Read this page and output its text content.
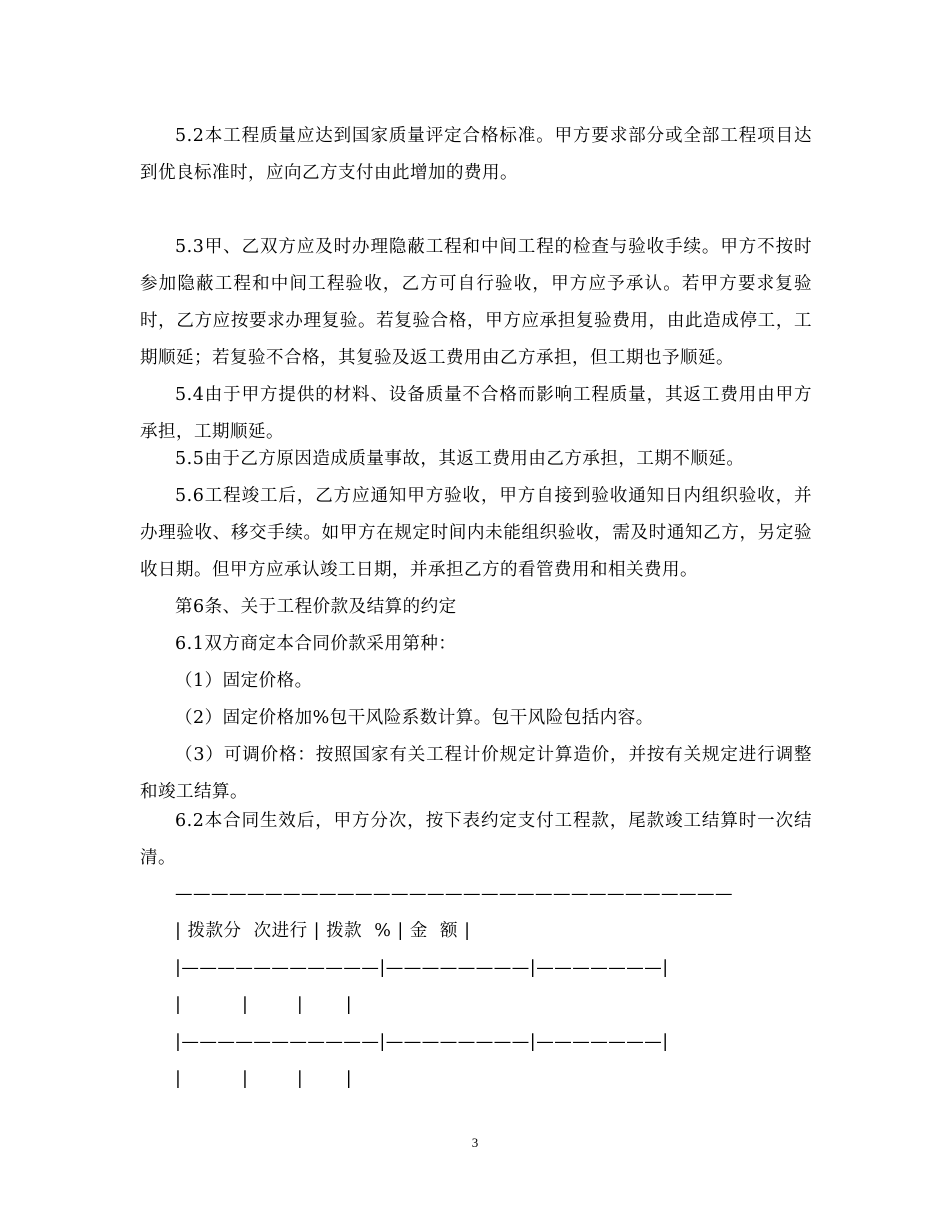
5.2本工程质量应达到国家质量评定合格标准。甲方要求部分或全部工程项目达到优良标准时，应向乙方支付由此增加的费用。

5.3甲、乙双方应及时办理隐蔽工程和中间工程的检查与验收手续。甲方不按时参加隐蔽工程和中间工程验收，乙方可自行验收，甲方应予承认。若甲方要求复验时，乙方应按要求办理复验。若复验合格，甲方应承担复验费用，由此造成停工，工期顺延；若复验不合格，其复验及返工费用由乙方承担，但工期也予顺延。

5.4由于甲方提供的材料、设备质量不合格而影响工程质量，其返工费用由甲方承担，工期顺延。

5.5由于乙方原因造成质量事故，其返工费用由乙方承担，工期不顺延。

5.6工程竣工后，乙方应通知甲方验收，甲方自接到验收通知日内组织验收，并办理验收、移交手续。如甲方在规定时间内未能组织验收，需及时通知乙方，另定验收日期。但甲方应承认竣工日期，并承担乙方的看管费用和相关费用。

第6条、关于工程价款及结算的约定

6.1双方商定本合同价款采用第种：

（1）固定价格。

（2）固定价格加%包干风险系数计算。包干风险包括内容。

（3）可调价格：按照国家有关工程计价规定计算造价，并按有关规定进行调整和竣工结算。

6.2本合同生效后，甲方分次，按下表约定支付工程款，尾款竣工结算时一次结清。

———————————————————————————————

| 拨款分  次进行 | 拨款  % | 金  额 |

|———————————|————————|———————|

|          |        |       |

|———————————|————————|———————|

|          |        |       |

3
